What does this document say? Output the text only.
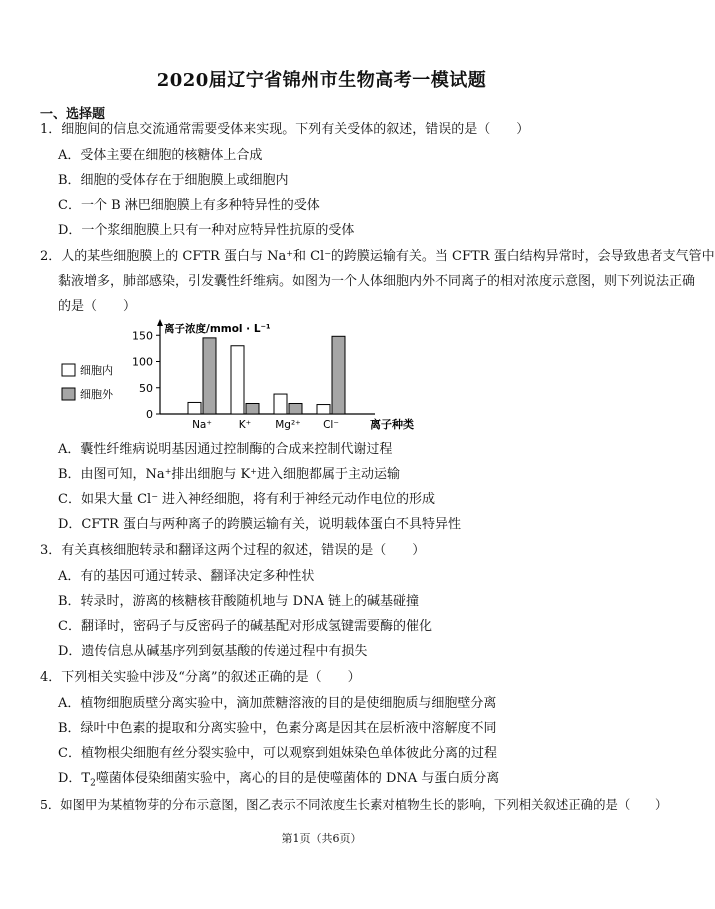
2020届辽宁省锦州市生物高考一模试题
一、选择题
1．细胞间的信息交流通常需要受体来实现。下列有关受体的叙述，错误的是（　　）
A．受体主要在细胞的核糖体上合成
B．细胞的受体存在于细胞膜上或细胞内
C．一个 B 淋巴细胞膜上有多种特异性的受体
D．一个浆细胞膜上只有一种对应特异性抗原的受体
2．人的某些细胞膜上的 CFTR 蛋白与 Na+和 Cl−的跨膜运输有关。当 CFTR 蛋白结构异常时，会导致患者支气管中
黏液增多，肺部感染，引发囊性纤维病。如图为一个人体细胞内外不同离子的相对浓度示意图，则下列说法正确
的是（　　）
离子浓度/mmol · L⁻¹
0
50
100
150
Na⁺	K⁺ Mg²⁺ Cl⁻	离子种类
细胞内
细胞外
A．囊性纤维病说明基因通过控制酶的合成来控制代谢过程
B．由图可知，Na+排出细胞与 K+进入细胞都属于主动运输
C．如果大量 Cl− 进入神经细胞，将有利于神经元动作电位的形成
D．CFTR 蛋白与两种离子的跨膜运输有关，说明载体蛋白不具特异性
3．有关真核细胞转录和翻译这两个过程的叙述，错误的是（　　）
A．有的基因可通过转录、翻译决定多种性状
B．转录时，游离的核糖核苷酸随机地与 DNA 链上的碱基碰撞
C．翻译时，密码子与反密码子的碱基配对形成氢键需要酶的催化
D．遗传信息从碱基序列到氨基酸的传递过程中有损失
4．下列相关实验中涉及“分离”的叙述正确的是（　　）
A．植物细胞质壁分离实验中，滴加蔗糖溶液的目的是使细胞质与细胞壁分离
B．绿叶中色素的提取和分离实验中，色素分离是因其在层析液中溶解度不同
C．植物根尖细胞有丝分裂实验中，可以观察到姐妹染色单体彼此分离的过程
D．$T_2$噬菌体侵染细菌实验中，离心的目的是使噬菌体的 DNA 与蛋白质分离
5．如图甲为某植物芽的分布示意图，图乙表示不同浓度生长素对植物生长的影响，下列相关叙述正确的是（　　）
第1页（共6页）
